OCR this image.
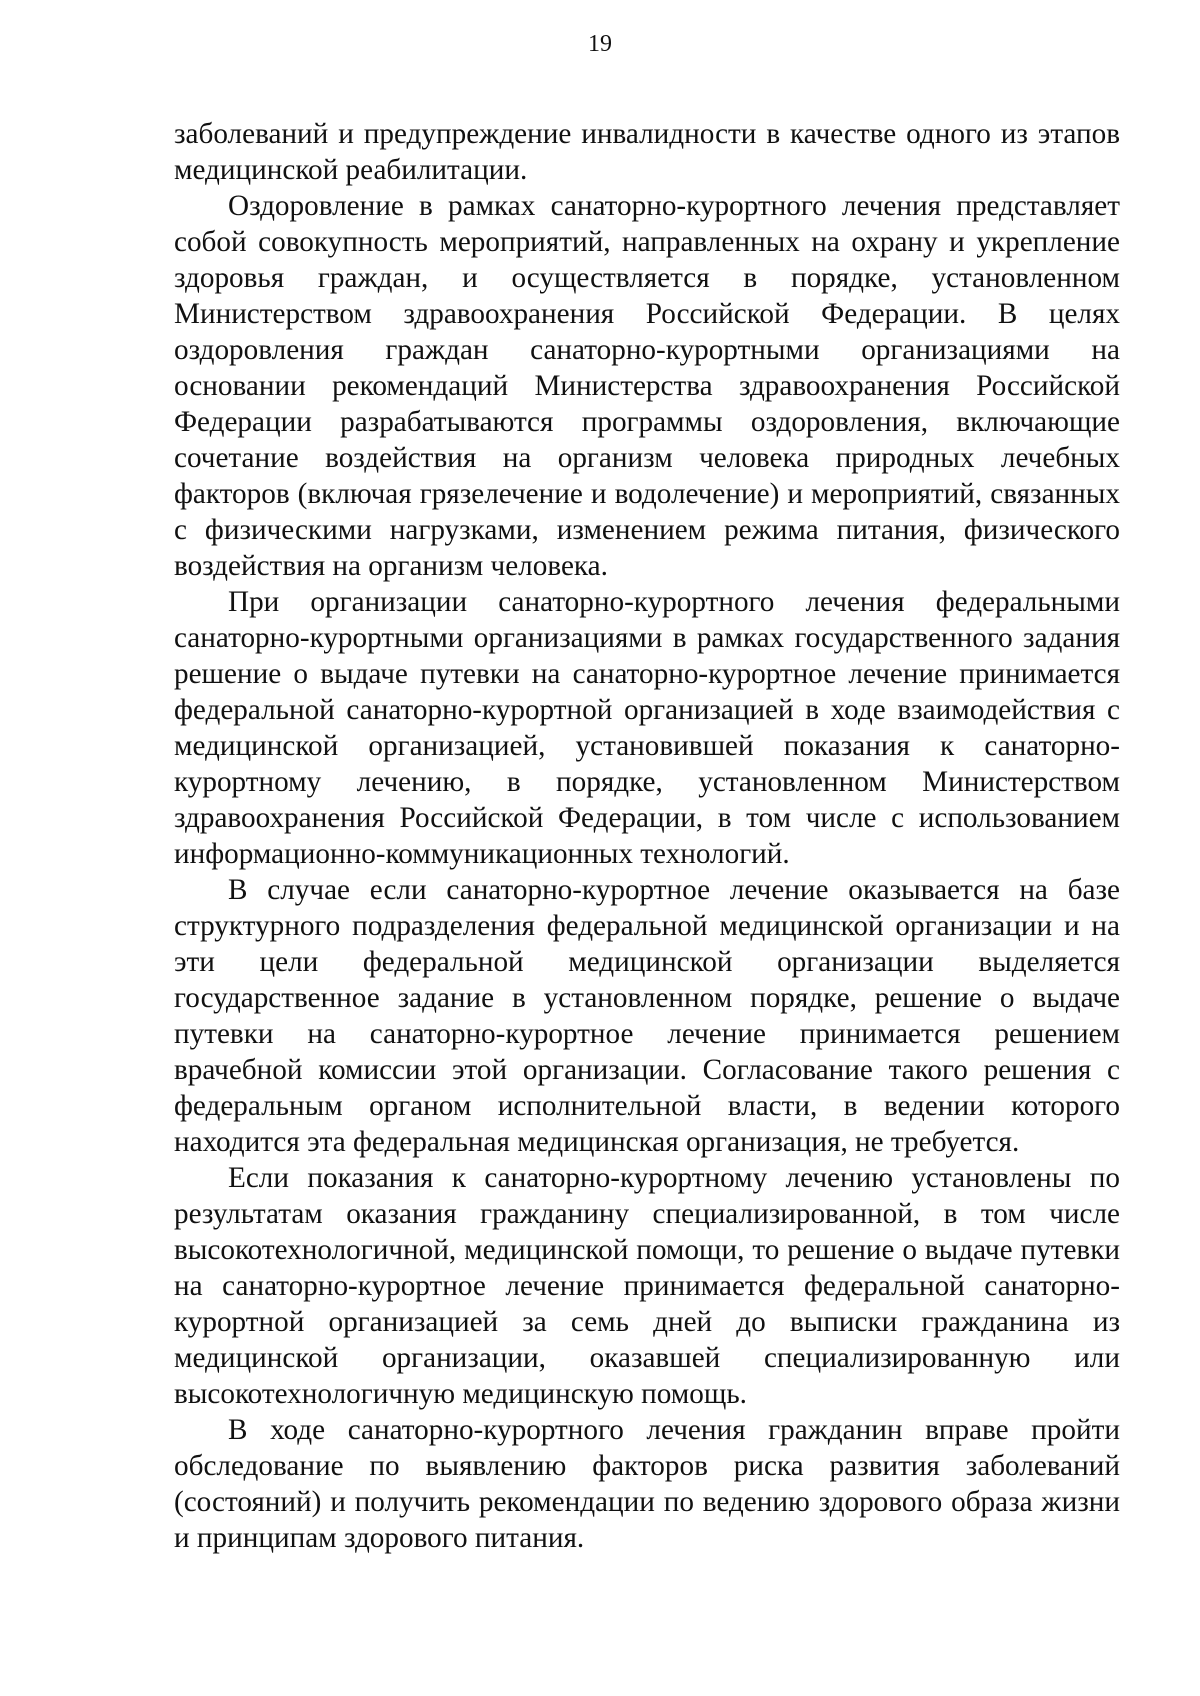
19

заболеваний и предупреждение инвалидности в качестве одного из этапов медицинской реабилитации.

Оздоровление в рамках санаторно-курортного лечения представляет собой совокупность мероприятий, направленных на охрану и укрепление здоровья граждан, и осуществляется в порядке, установленном Министерством здравоохранения Российской Федерации. В целях оздоровления граждан санаторно-курортными организациями на основании рекомендаций Министерства здравоохранения Российской Федерации разрабатываются программы оздоровления, включающие сочетание воздействия на организм человека природных лечебных факторов (включая грязелечение и водолечение) и мероприятий, связанных с физическими нагрузками, изменением режима питания, физического воздействия на организм человека.

При организации санаторно-курортного лечения федеральными санаторно-курортными организациями в рамках государственного задания решение о выдаче путевки на санаторно-курортное лечение принимается федеральной санаторно-курортной организацией в ходе взаимодействия с медицинской организацией, установившей показания к санаторно-курортному лечению, в порядке, установленном Министерством здравоохранения Российской Федерации, в том числе с использованием информационно-коммуникационных технологий.

В случае если санаторно-курортное лечение оказывается на базе структурного подразделения федеральной медицинской организации и на эти цели федеральной медицинской организации выделяется государственное задание в установленном порядке, решение о выдаче путевки на санаторно-курортное лечение принимается решением врачебной комиссии этой организации. Согласование такого решения с федеральным органом исполнительной власти, в ведении которого находится эта федеральная медицинская организация, не требуется.

Если показания к санаторно-курортному лечению установлены по результатам оказания гражданину специализированной, в том числе высокотехнологичной, медицинской помощи, то решение о выдаче путевки на санаторно-курортное лечение принимается федеральной санаторно-курортной организацией за семь дней до выписки гражданина из медицинской организации, оказавшей специализированную или высокотехнологичную медицинскую помощь.

В ходе санаторно-курортного лечения гражданин вправе пройти обследование по выявлению факторов риска развития заболеваний (состояний) и получить рекомендации по ведению здорового образа жизни и принципам здорового питания.
